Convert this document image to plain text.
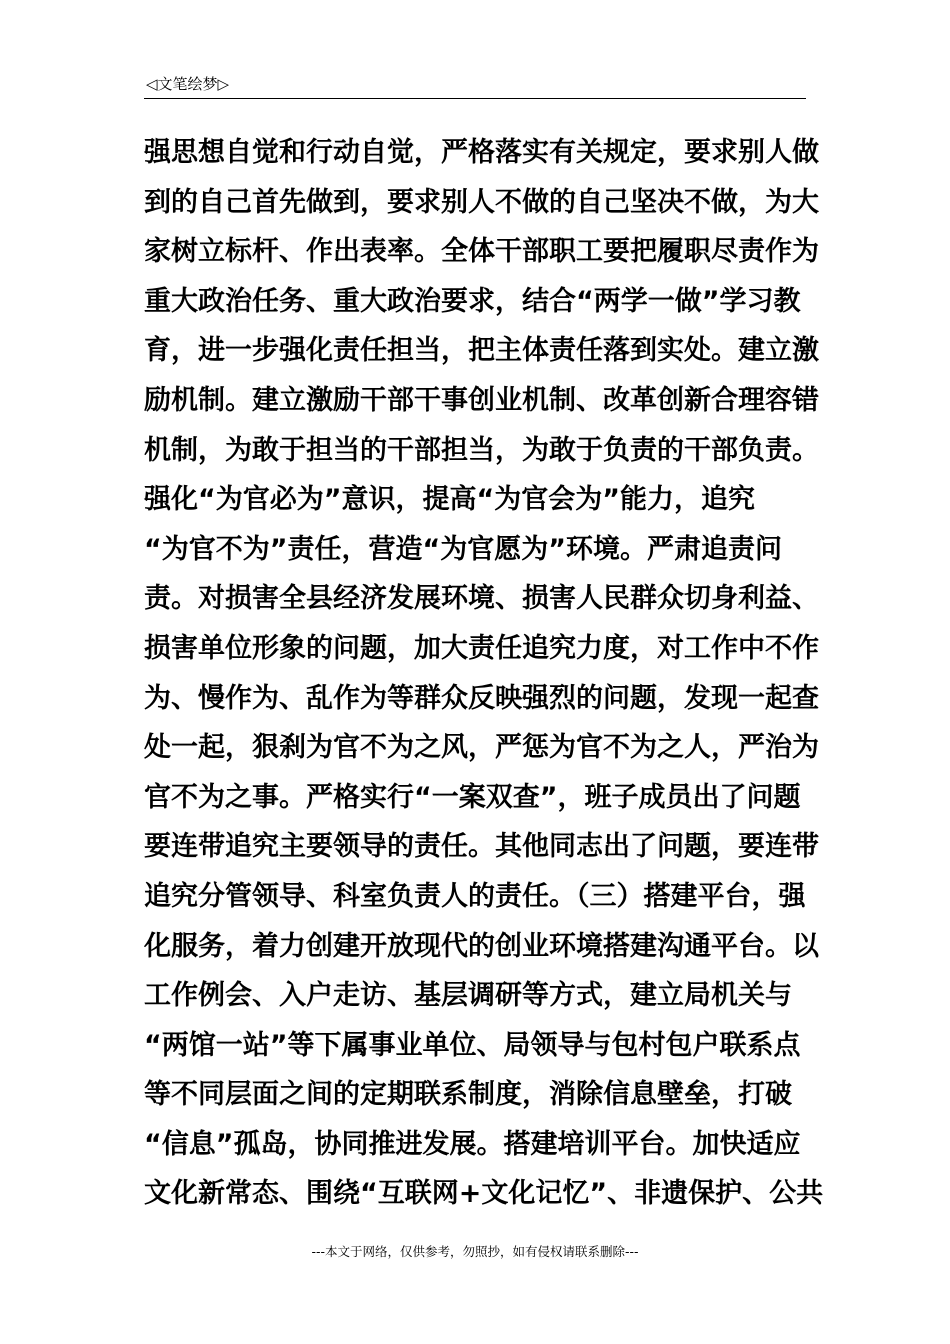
◁文笔绘梦▷
强思想自觉和行动自觉，严格落实有关规定，要求别人做
到的自己首先做到，要求别人不做的自己坚决不做，为大
家树立标杆、作出表率。全体干部职工要把履职尽责作为
重大政治任务、重大政治要求，结合“两学一做”学习教
育，进一步强化责任担当，把主体责任落到实处。建立激
励机制。建立激励干部干事创业机制、改革创新合理容错
机制，为敢于担当的干部担当，为敢于负责的干部负责。
强化“为官必为”意识，提高“为官会为”能力，追究
“为官不为”责任，营造“为官愿为”环境。严肃追责问
责。对损害全县经济发展环境、损害人民群众切身利益、
损害单位形象的问题，加大责任追究力度，对工作中不作
为、慢作为、乱作为等群众反映强烈的问题，发现一起查
处一起，狠刹为官不为之风，严惩为官不为之人，严治为
官不为之事。严格实行“一案双查”，班子成员出了问题
要连带追究主要领导的责任。其他同志出了问题，要连带
追究分管领导、科室负责人的责任。（三）搭建平台，强
化服务，着力创建开放现代的创业环境搭建沟通平台。以
工作例会、入户走访、基层调研等方式，建立局机关与
“两馆一站”等下属事业单位、局领导与包村包户联系点
等不同层面之间的定期联系制度，消除信息壁垒，打破
“信息”孤岛，协同推进发展。搭建培训平台。加快适应
文化新常态、围绕“互联网+文化记忆”、非遗保护、公共
---本文于网络，仅供参考，勿照抄，如有侵权请联系删除---
